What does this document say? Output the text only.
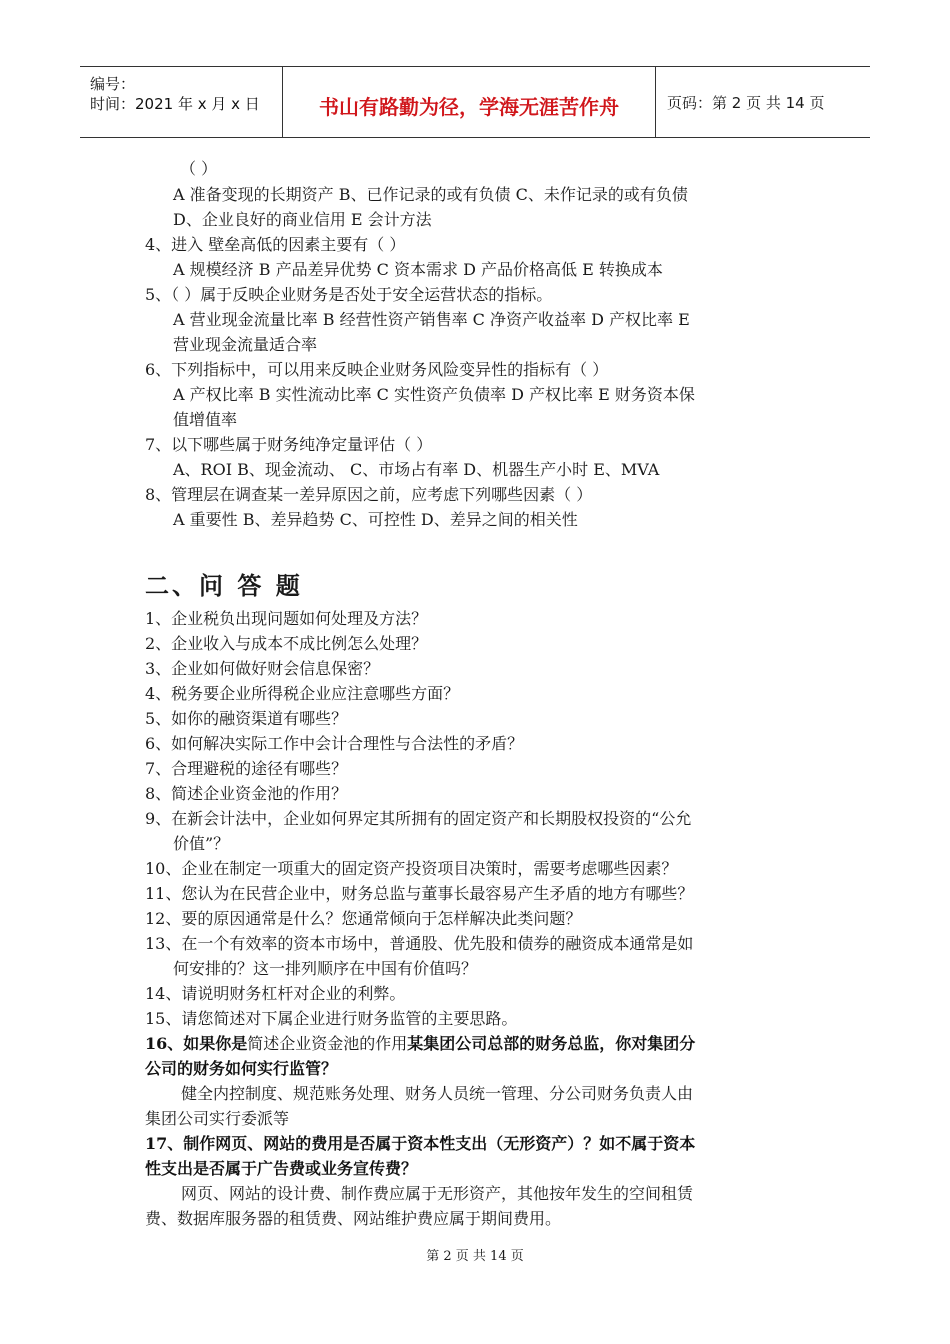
编号：
时间：2021 年 x 月 x 日	书山有路勤为径，学海无涯苦作舟	页码：第 2 页 共 14 页
（ ）
A 准备变现的长期资产 B、已作记录的或有负债 C、未作记录的或有负债
D、企业良好的商业信用 E 会计方法
4、进入 壁垒高低的因素主要有（ ）
A 规模经济 B 产品差异优势 C 资本需求 D 产品价格高低 E 转换成本
5、（ ）属于反映企业财务是否处于安全运营状态的指标。
A 营业现金流量比率 B 经营性资产销售率 C 净资产收益率 D 产权比率 E
营业现金流量适合率
6、下列指标中，可以用来反映企业财务风险变异性的指标有（ ）
A 产权比率 B 实性流动比率 C 实性资产负债率 D 产权比率 E 财务资本保
值增值率
7、以下哪些属于财务纯净定量评估（ ）
A、ROI B、现金流动、 C、市场占有率 D、机器生产小时 E、MVA
8、管理层在调查某一差异原因之前，应考虑下列哪些因素（ ）
A 重要性 B、差异趋势 C、可控性 D、差异之间的相关性
二、问 答 题
1、企业税负出现问题如何处理及方法？
2、企业收入与成本不成比例怎么处理？
3、企业如何做好财会信息保密？
4、税务要企业所得税企业应注意哪些方面？
5、如你的融资渠道有哪些？
6、如何解决实际工作中会计合理性与合法性的矛盾？
7、合理避税的途径有哪些？
8、简述企业资金池的作用？
9、在新会计法中，企业如何界定其所拥有的固定资产和长期股权投资的“公允
价值”？
10、企业在制定一项重大的固定资产投资项目决策时，需要考虑哪些因素？
11、您认为在民营企业中，财务总监与董事长最容易产生矛盾的地方有哪些？
12、要的原因通常是什么？您通常倾向于怎样解决此类问题？
13、在一个有效率的资本市场中，普通股、优先股和债券的融资成本通常是如
何安排的？这一排列顺序在中国有价值吗？
14、请说明财务杠杆对企业的利弊。
15、请您简述对下属企业进行财务监管的主要思路。
16、如果你是简述企业资金池的作用某集团公司总部的财务总监，你对集团分
公司的财务如何实行监管？
健全内控制度、规范账务处理、财务人员统一管理、分公司财务负责人由
集团公司实行委派等
17、制作网页、网站的费用是否属于资本性支出（无形资产）？如不属于资本
性支出是否属于广告费或业务宣传费？
网页、网站的设计费、制作费应属于无形资产，其他按年发生的空间租赁
费、数据库服务器的租赁费、网站维护费应属于期间费用。
第 2 页 共 14 页
